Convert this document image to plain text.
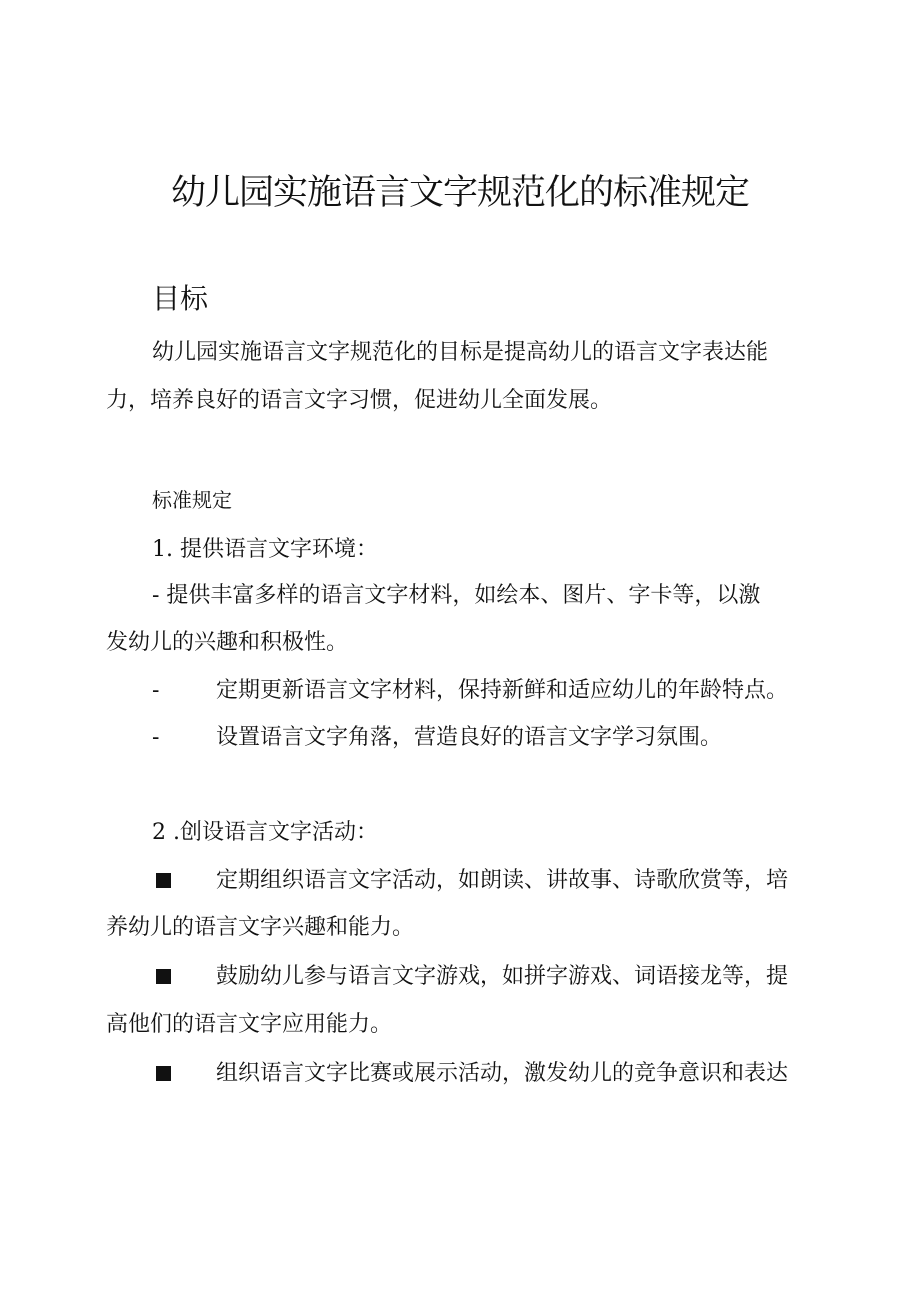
幼儿园实施语言文字规范化的标准规定
目标
幼儿园实施语言文字规范化的目标是提高幼儿的语言文字表达能
力，培养良好的语言文字习惯，促进幼儿全面发展。
标准规定
1. 提供语言文字环境：
- 提供丰富多样的语言文字材料，如绘本、图片、字卡等，以激
发幼儿的兴趣和积极性。
-	定期更新语言文字材料，保持新鲜和适应幼儿的年龄特点。
-	设置语言文字角落，营造良好的语言文字学习氛围。
2 .创设语言文字活动：
定期组织语言文字活动，如朗读、讲故事、诗歌欣赏等，培
养幼儿的语言文字兴趣和能力。
鼓励幼儿参与语言文字游戏，如拼字游戏、词语接龙等，提
高他们的语言文字应用能力。
组织语言文字比赛或展示活动，激发幼儿的竞争意识和表达
